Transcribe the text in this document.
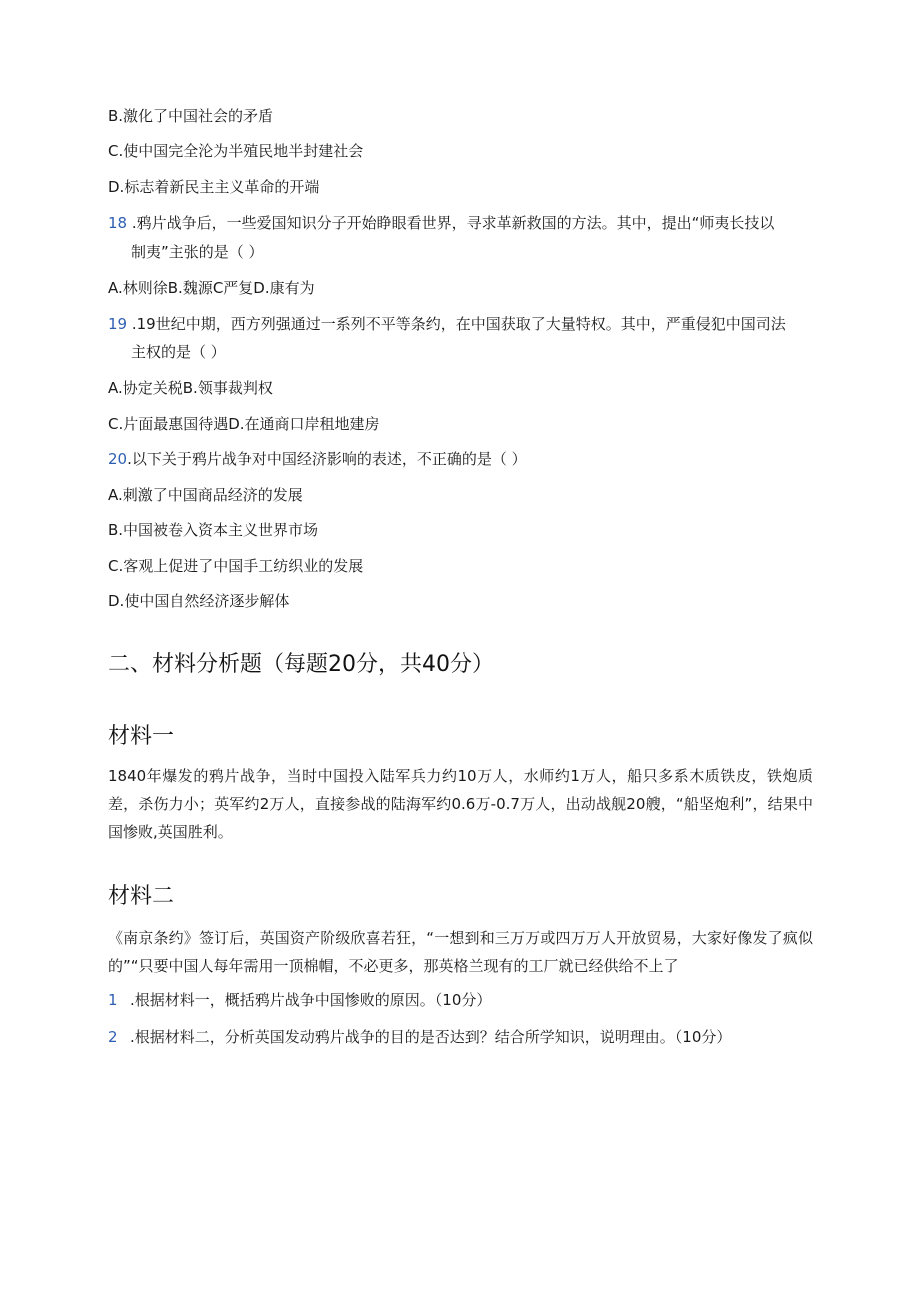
B.激化了中国社会的矛盾
C.使中国完全沦为半殖民地半封建社会
D.标志着新民主主义革命的开端
18 .鸦片战争后，一些爱国知识分子开始睁眼看世界，寻求革新救国的方法。其中，提出“师夷长技以
制夷”主张的是（ ）
A.林则徐B.魏源C严复D.康有为
19 .19世纪中期，西方列强通过一系列不平等条约，在中国获取了大量特权。其中，严重侵犯中国司法
主权的是（ ）
A.协定关税B.领事裁判权
C.片面最惠国待遇D.在通商口岸租地建房
20.以下关于鸦片战争对中国经济影响的表述，不正确的是（ ）
A.刺激了中国商品经济的发展
B.中国被卷入资本主义世界市场
C.客观上促进了中国手工纺织业的发展
D.使中国自然经济逐步解体
二、材料分析题（每题20分，共40分）
材料一
1840年爆发的鸦片战争，当时中国投入陆军兵力约10万人，水师约1万人，船只多系木质铁皮，铁炮质差，杀伤力小；英军约2万人，直接参战的陆海军约0.6万-0.7万人，出动战舰20艘，“船坚炮利”，结果中国惨败,英国胜利。
材料二
《南京条约》签订后，英国资产阶级欣喜若狂，“一想到和三万万或四万万人开放贸易，大家好像发了疯似的”“只要中国人每年需用一顶棉帽，不必更多，那英格兰现有的工厂就已经供给不上了
1 .根据材料一，概括鸦片战争中国惨败的原因。（10分）
2 .根据材料二，分析英国发动鸦片战争的目的是否达到？结合所学知识，说明理由。（10分）
